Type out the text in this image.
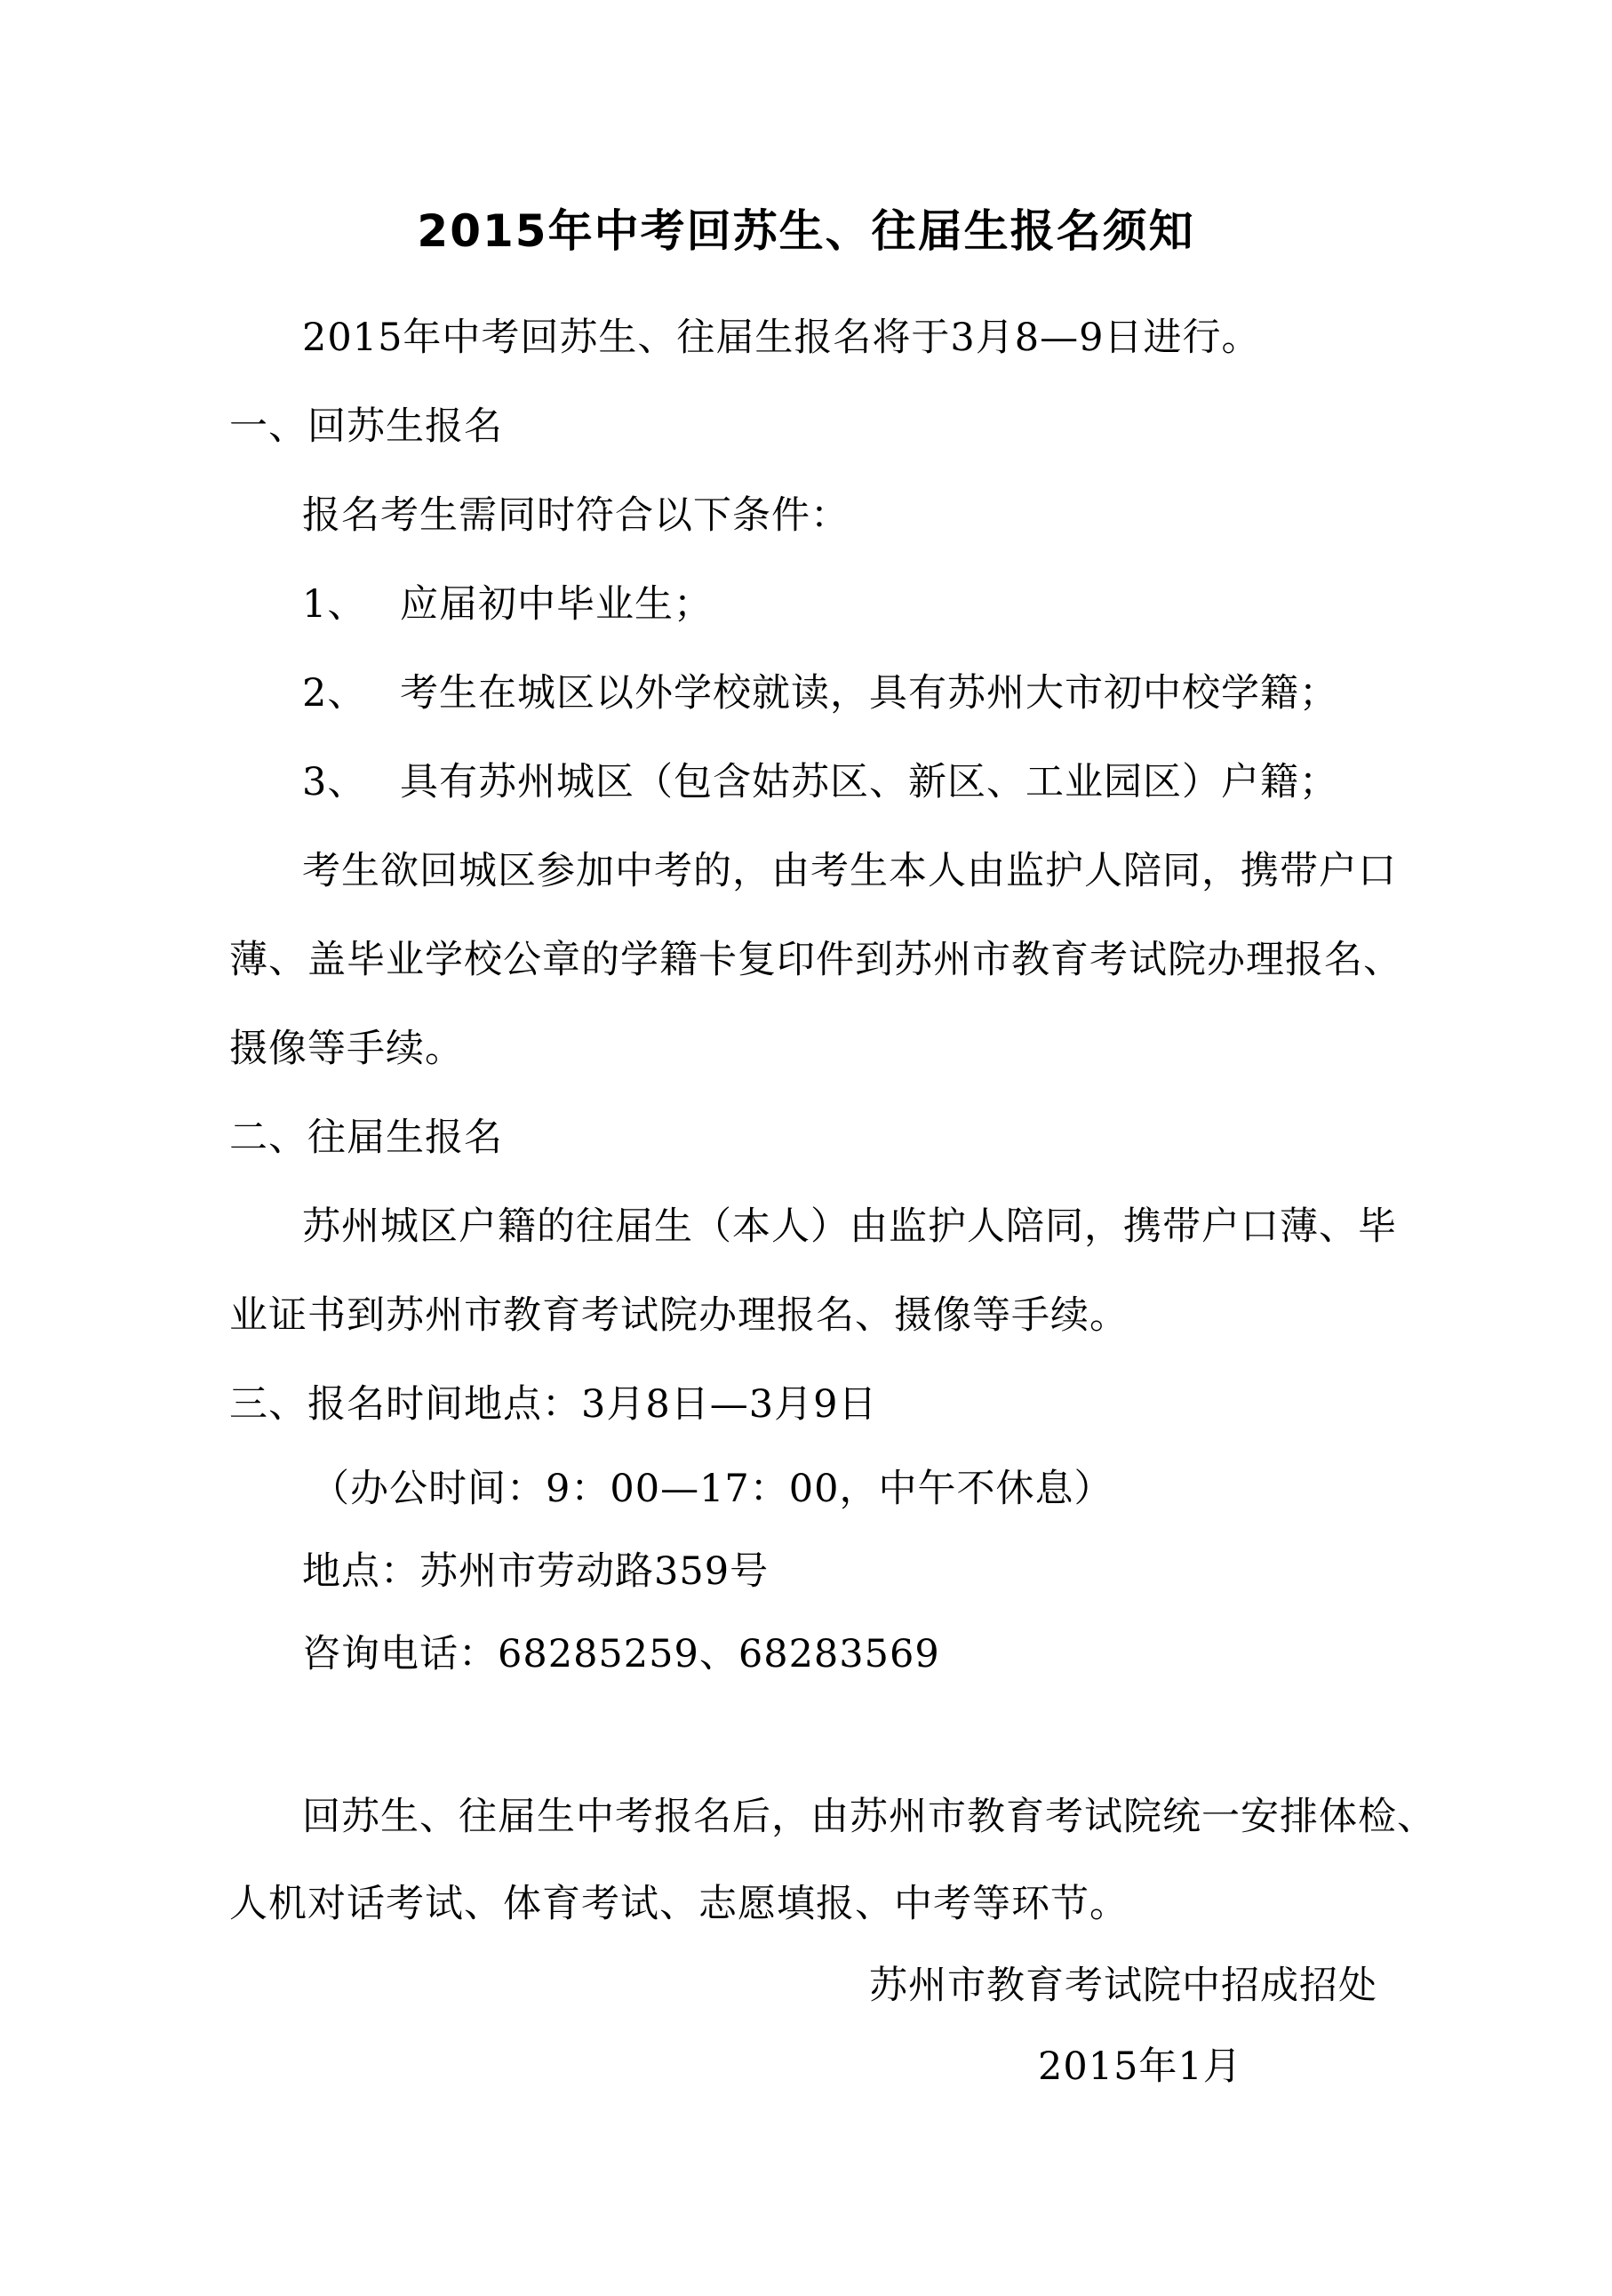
2015年中考回苏生、往届生报名须知
2015年中考回苏生、往届生报名将于3月8—9日进行。
一、回苏生报名
报名考生需同时符合以下条件：
1、 应届初中毕业生；
2、 考生在城区以外学校就读，具有苏州大市初中校学籍；
3、 具有苏州城区（包含姑苏区、新区、工业园区）户籍；
考生欲回城区参加中考的，由考生本人由监护人陪同，携带户口
薄、盖毕业学校公章的学籍卡复印件到苏州市教育考试院办理报名、
摄像等手续。
二、往届生报名
苏州城区户籍的往届生（本人）由监护人陪同，携带户口薄、毕
业证书到苏州市教育考试院办理报名、摄像等手续。
三、报名时间地点：3月8日—3月9日
（办公时间：9：00—17：00，中午不休息）
地点：苏州市劳动路359号
咨询电话：68285259、68283569
回苏生、往届生中考报名后，由苏州市教育考试院统一安排体检、
人机对话考试、体育考试、志愿填报、中考等环节。
苏州市教育考试院中招成招处
2015年1月
